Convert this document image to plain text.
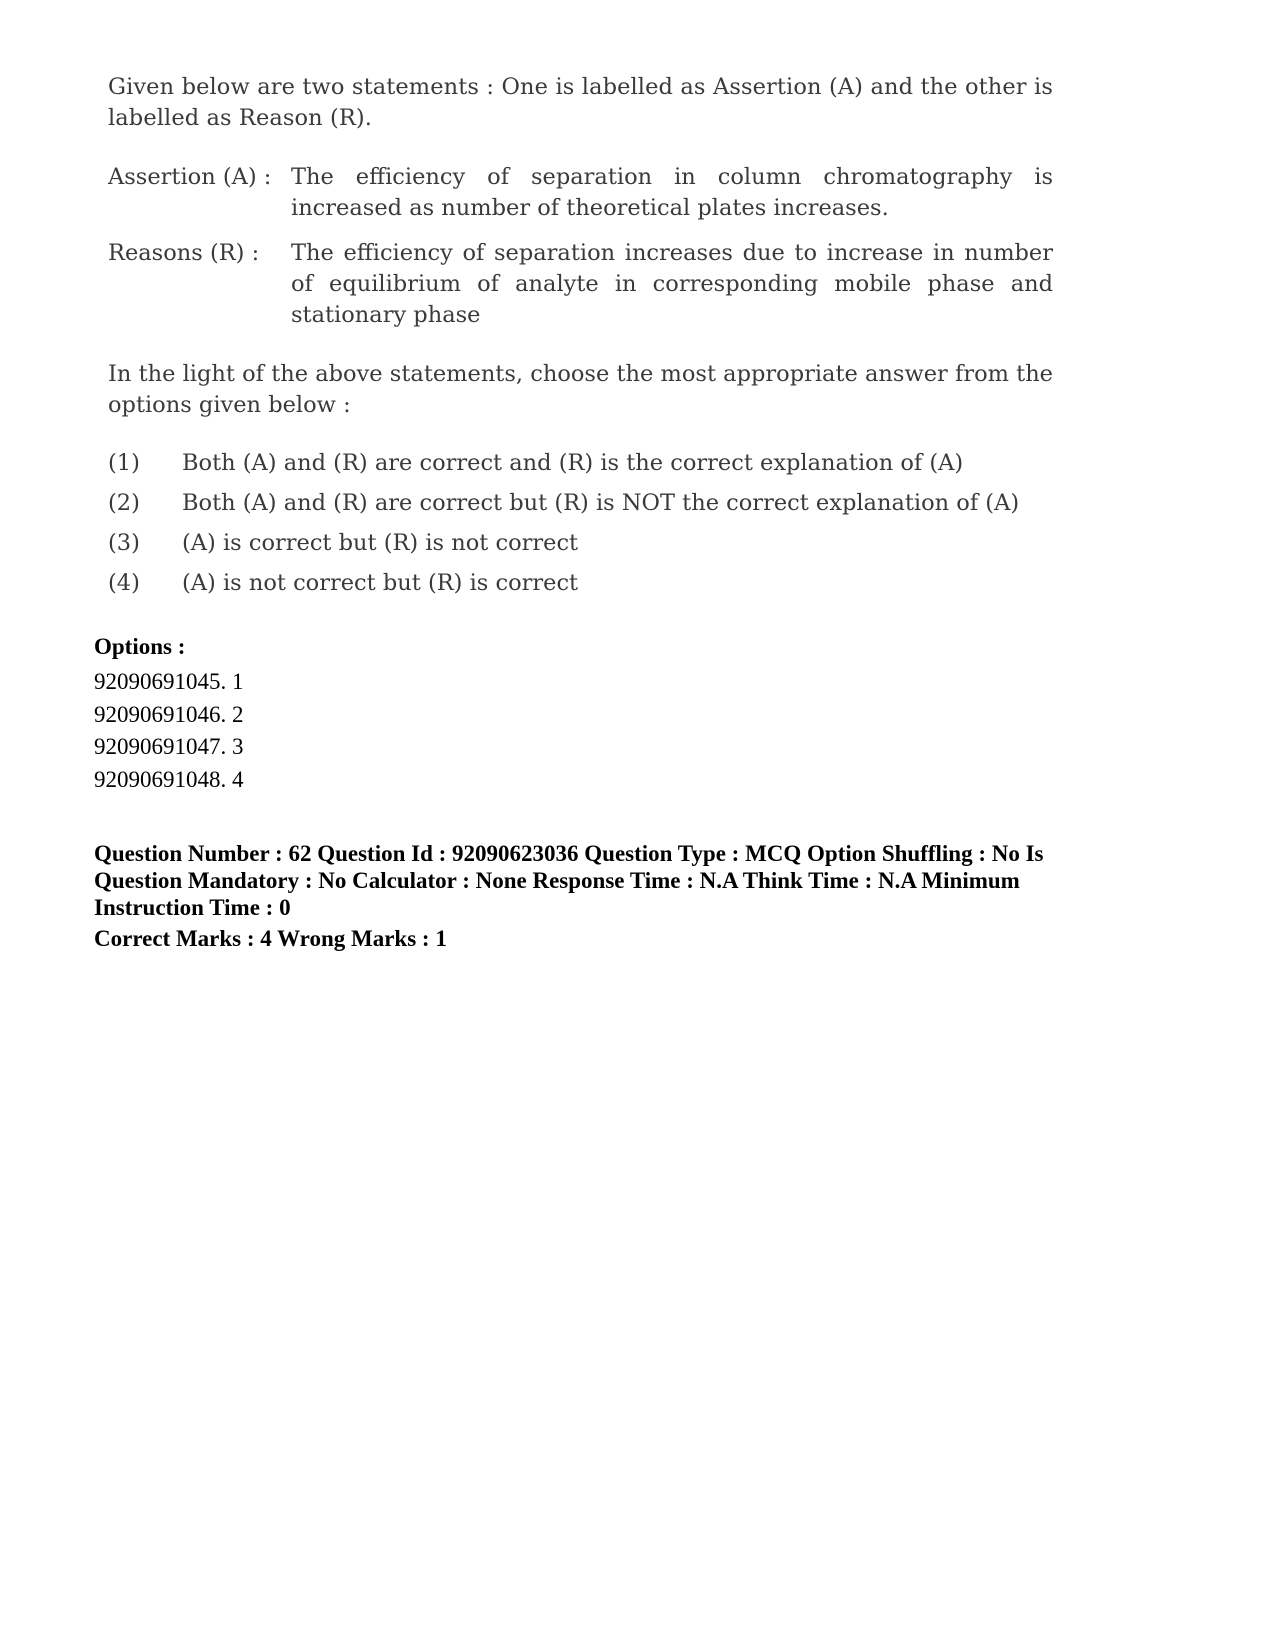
Given below are two statements : One is labelled as Assertion (A) and the other is labelled as Reason (R).
Assertion (A) : The efficiency of separation in column chromatography is increased as number of theoretical plates increases.
Reasons (R) :	The efficiency of separation increases due to increase in number of equilibrium of analyte in corresponding mobile phase and stationary phase
In the light of the above statements, choose the most appropriate answer from the options given below :
(1)	Both (A) and (R) are correct and (R) is the correct explanation of (A)
(2)	Both (A) and (R) are correct but (R) is NOT the correct explanation of (A)
(3)	(A) is correct but (R) is not correct
(4)	(A) is not correct but (R) is correct
Options :
92090691045. 1
92090691046. 2
92090691047. 3
92090691048. 4
Question Number : 62 Question Id : 92090623036 Question Type : MCQ Option Shuffling : No Is Question Mandatory : No Calculator : None Response Time : N.A Think Time : N.A Minimum Instruction Time : 0
Correct Marks : 4 Wrong Marks : 1
